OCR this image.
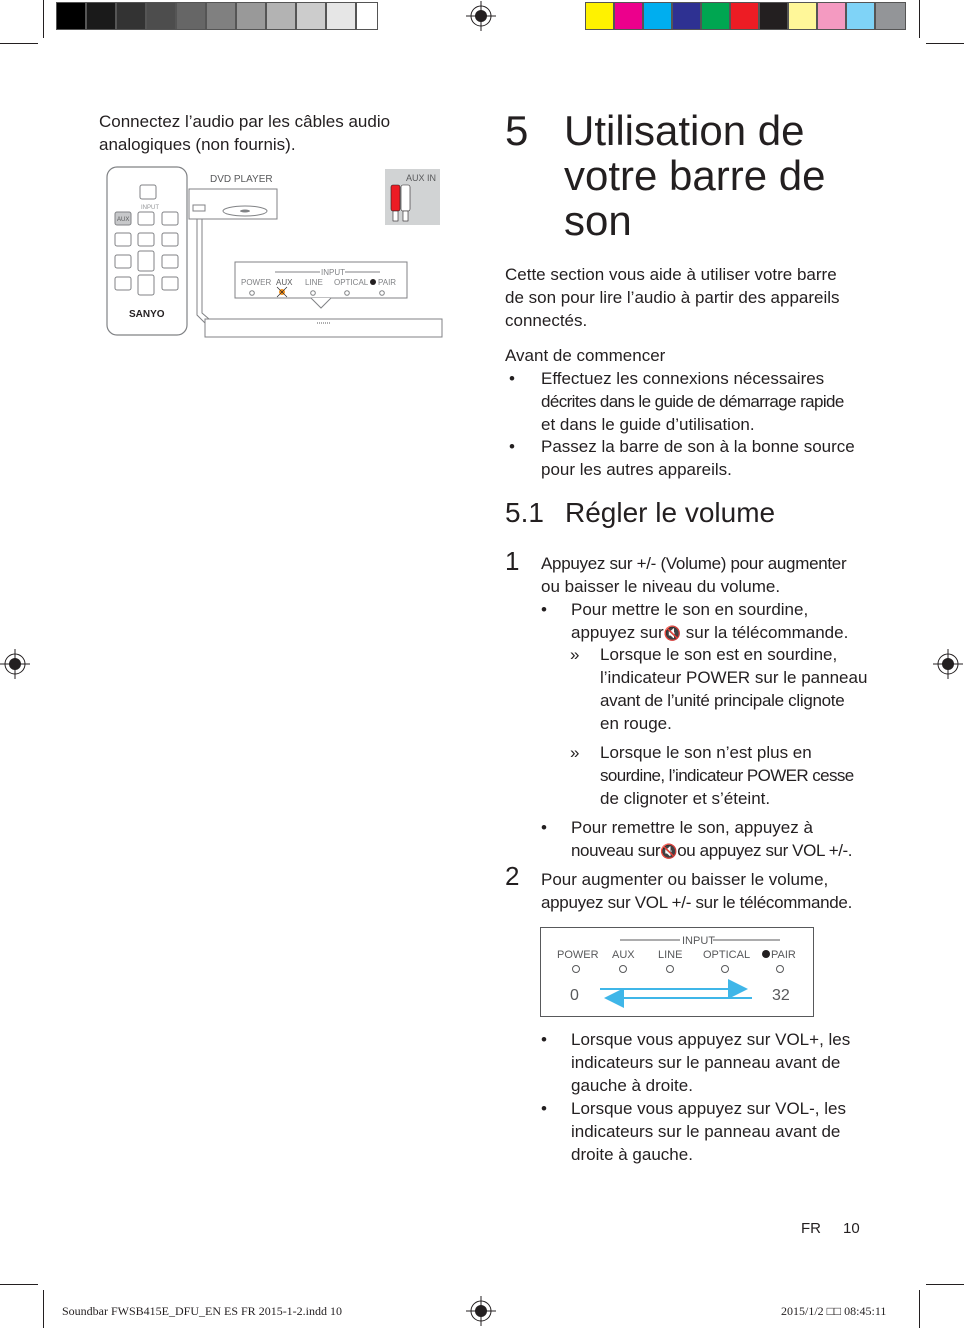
Connectez l’audio par les câbles audio
analogiques (non fournis).
INPUT
AUX
SANYO
DVD PLAYER	AUX IN
INPUT
POWER AUX LINE OPTICAL PAIR
5 Utilisation de
votre barre de
son
Cette section vous aide à utiliser votre barre
de son pour lire l’audio à partir des appareils
connectés.
Avant de commencer
• Effectuez les connexions nécessaires
décrites dans le guide de démarrage rapide
et dans le guide d’utilisation.
• Passez la barre de son à la bonne source
pour les autres appareils.
5.1 Régler le volume
1 Appuyez sur +/- (Volume) pour augmenter
ou baisser le niveau du volume.
• Pour mettre le son en sourdine,
appuyez sur🔇 sur la télécommande.
» Lorsque le son est en sourdine,
l’indicateur POWER sur le panneau
avant de l’unité principale clignote
en rouge.
» Lorsque le son n’est plus en
sourdine, l’indicateur POWER cesse
de clignoter et s’éteint.
• Pour remettre le son, appuyez à
nouveau sur🔇ou appuyez sur VOL +/-.
2 Pour augmenter ou baisser le volume,
appuyez sur VOL +/- sur le télécommande.
INPUT
POWER AUX LINE OPTICAL PAIR
0	32
• Lorsque vous appuyez sur VOL+, les
indicateurs sur le panneau avant de
gauche à droite.
• Lorsque vous appuyez sur VOL-, les
indicateurs sur le panneau avant de
droite à gauche.
FR 10
Soundbar FWSB415E_DFU_EN ES FR 2015-1-2.indd 10	2015/1/2 □□ 08:45:11
